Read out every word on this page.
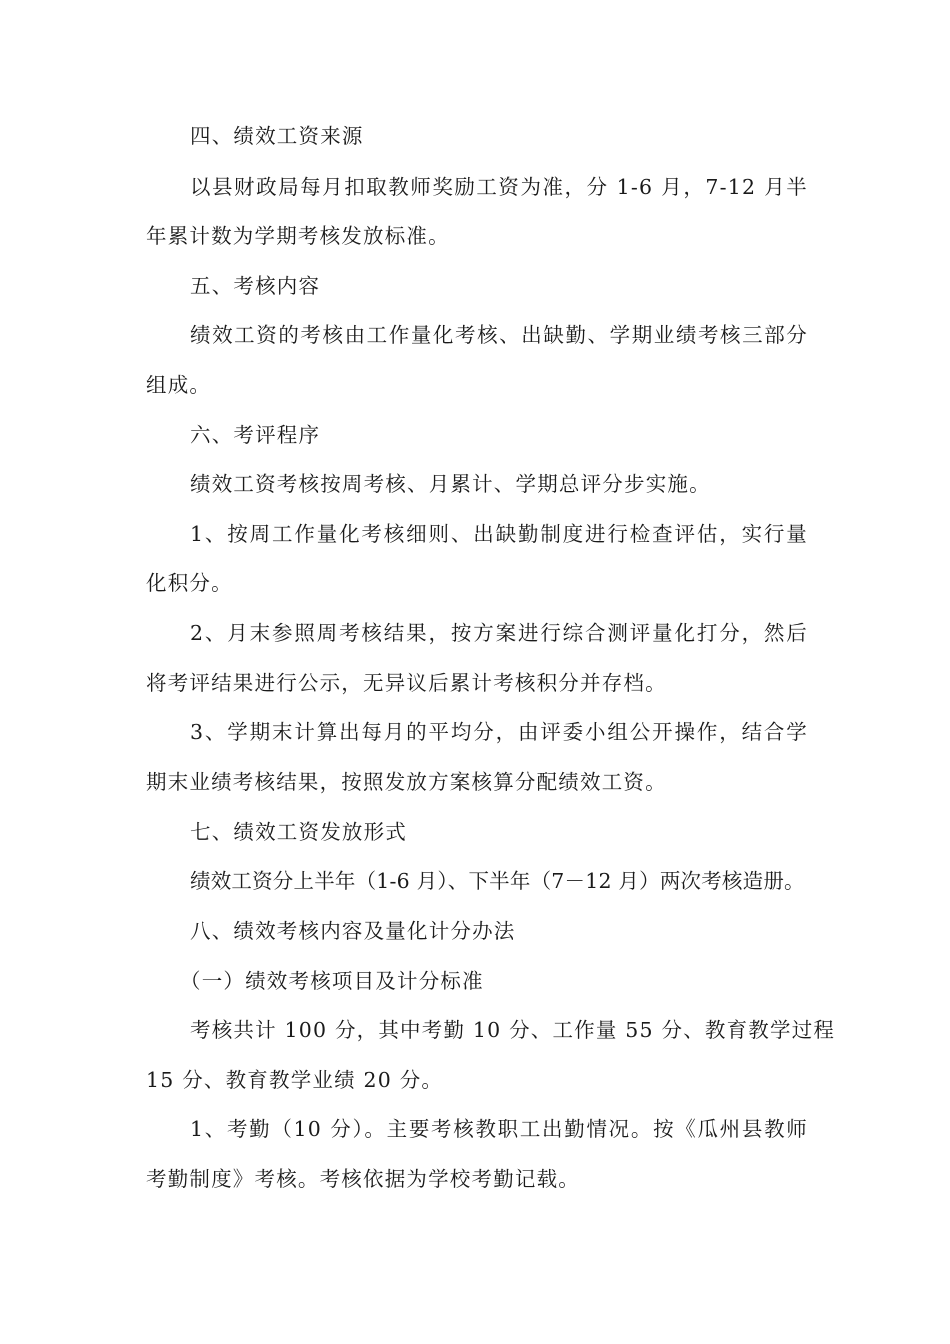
四、绩效工资来源

以县财政局每月扣取教师奖励工资为准，分 1-6 月，7-12 月半

年累计数为学期考核发放标准。

五、考核内容

绩效工资的考核由工作量化考核、出缺勤、学期业绩考核三部分

组成。

六、考评程序

绩效工资考核按周考核、月累计、学期总评分步实施。

1、按周工作量化考核细则、出缺勤制度进行检查评估，实行量

化积分。

2、月末参照周考核结果，按方案进行综合测评量化打分，然后

将考评结果进行公示，无异议后累计考核积分并存档。

3、学期末计算出每月的平均分，由评委小组公开操作，结合学

期末业绩考核结果，按照发放方案核算分配绩效工资。

七、绩效工资发放形式

绩效工资分上半年（1-6 月）、下半年（7－12 月）两次考核造册。

八、绩效考核内容及量化计分办法

（一）绩效考核项目及计分标准

考核共计 100 分，其中考勤 10 分、工作量 55 分、教育教学过程

15 分、教育教学业绩 20 分。

1、考勤（10 分）。主要考核教职工出勤情况。按《瓜州县教师

考勤制度》考核。考核依据为学校考勤记载。
